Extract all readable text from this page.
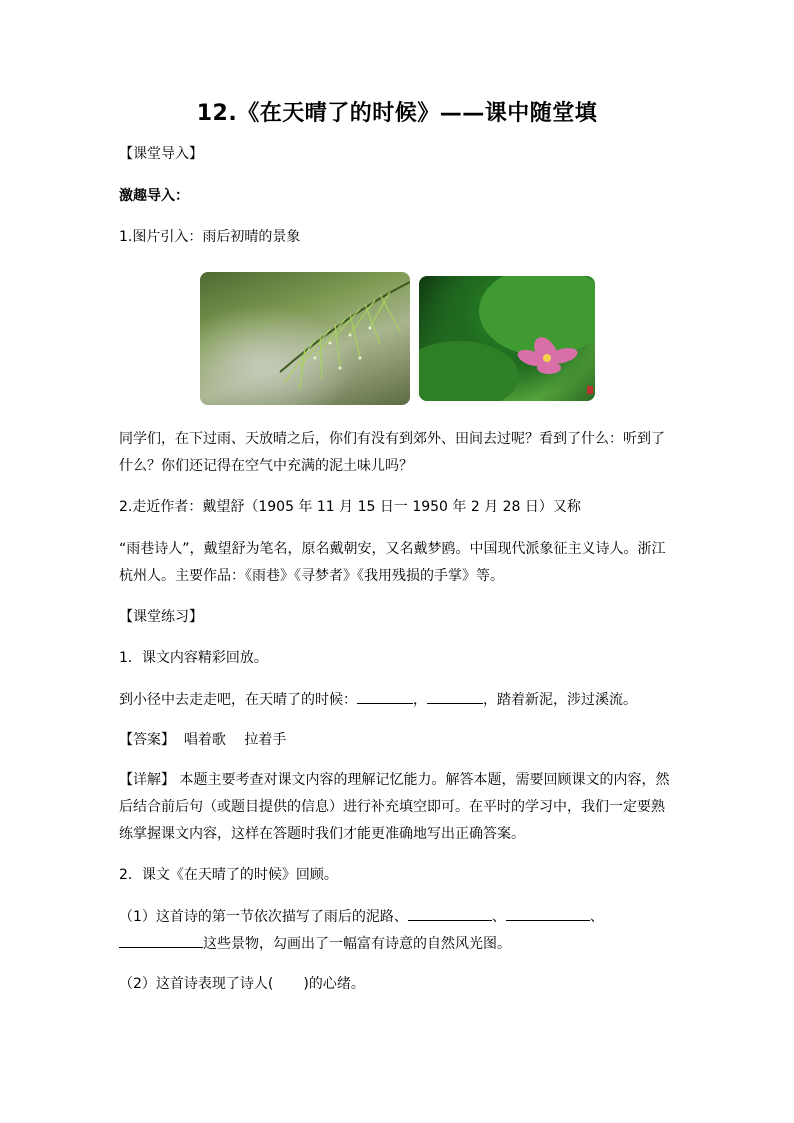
12.《在天晴了的时候》——课中随堂填
【课堂导入】
激趣导入：
1.图片引入：雨后初晴的景象
同学们，在下过雨、天放晴之后，你们有没有到郊外、田间去过呢？看到了什么：听到了
什么？你们还记得在空气中充满的泥土味儿吗？
2.走近作者：戴望舒（1905 年 11 月 15 日一 1950 年 2 月 28 日）又称
“雨巷诗人”，戴望舒为笔名，原名戴朝安，又名戴梦鸥。中国现代派象征主义诗人。浙江
杭州人。主要作品：《雨巷》《寻梦者》《我用残损的手掌》等。
【课堂练习】
1．课文内容精彩回放。
到小径中去走走吧，在天晴了的时候：	，	，踏着新泥，涉过溪流。
【答案】 唱着歌　 拉着手
【详解】 本题主要考查对课文内容的理解记忆能力。解答本题，需要回顾课文的内容，然
后结合前后句（或题目提供的信息）进行补充填空即可。在平时的学习中，我们一定要熟
练掌握课文内容，这样在答题时我们才能更准确地写出正确答案。
2．课文《在天晴了的时候》回顾。
（1）这首诗的第一节依次描写了雨后的泥路、	、	、
这些景物，勾画出了一幅富有诗意的自然风光图。
（2）这首诗表现了诗人( )的心绪。
